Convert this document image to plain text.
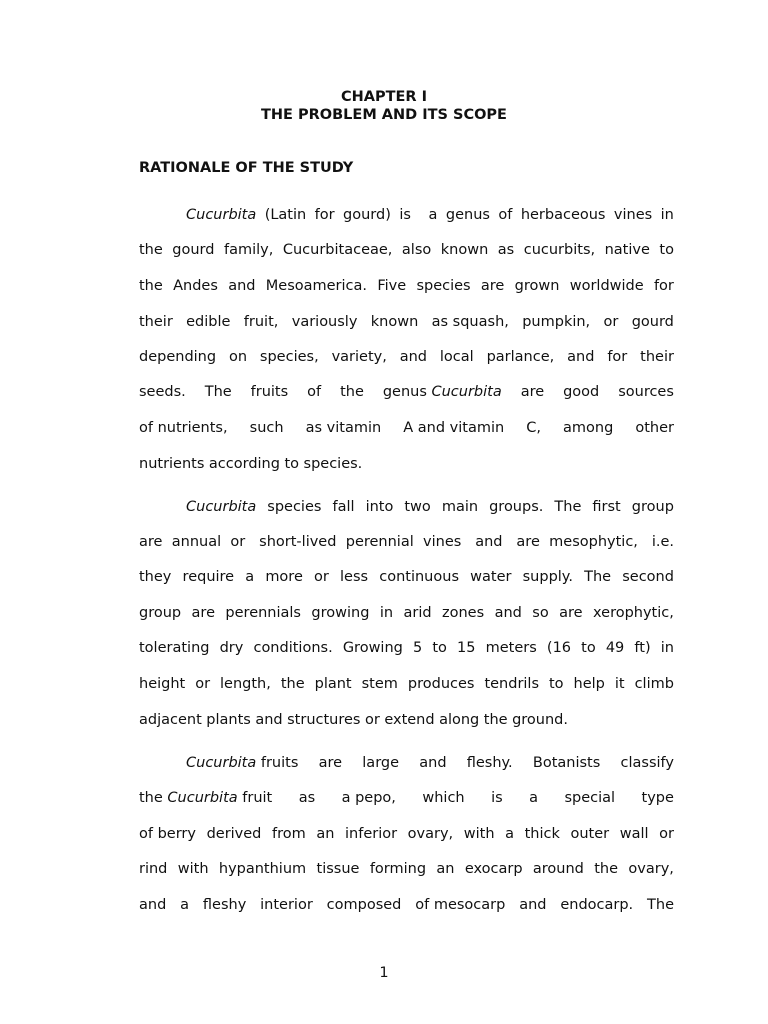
CHAPTER I
THE PROBLEM AND ITS SCOPE
RATIONALE OF THE STUDY
Cucurbita (Latin for gourd) is a genus of herbaceous vines in
the gourd family, Cucurbitaceae, also known as cucurbits, native to
the Andes and Mesoamerica. Five species are grown worldwide for
their edible fruit, variously known as squash, pumpkin, or gourd
depending on species, variety, and local parlance, and for their
seeds. The fruits of the genus Cucurbita are good sources
of nutrients, such as vitamin A and vitamin C, among other
nutrients according to species.
Cucurbita species fall into two main groups. The first group
are annual or short-lived perennial vines and are mesophytic, i.e.
they require a more or less continuous water supply. The second
group are perennials growing in arid zones and so are xerophytic,
tolerating dry conditions. Growing 5 to 15 meters (16 to 49 ft) in
height or length, the plant stem produces tendrils to help it climb
adjacent plants and structures or extend along the ground.
Cucurbita fruits are large and fleshy. Botanists classify
the Cucurbita fruit as a pepo, which is a special type
of berry derived from an inferior ovary, with a thick outer wall or
rind with hypanthium tissue forming an exocarp around the ovary,
and a fleshy interior composed of mesocarp and endocarp. The
1
